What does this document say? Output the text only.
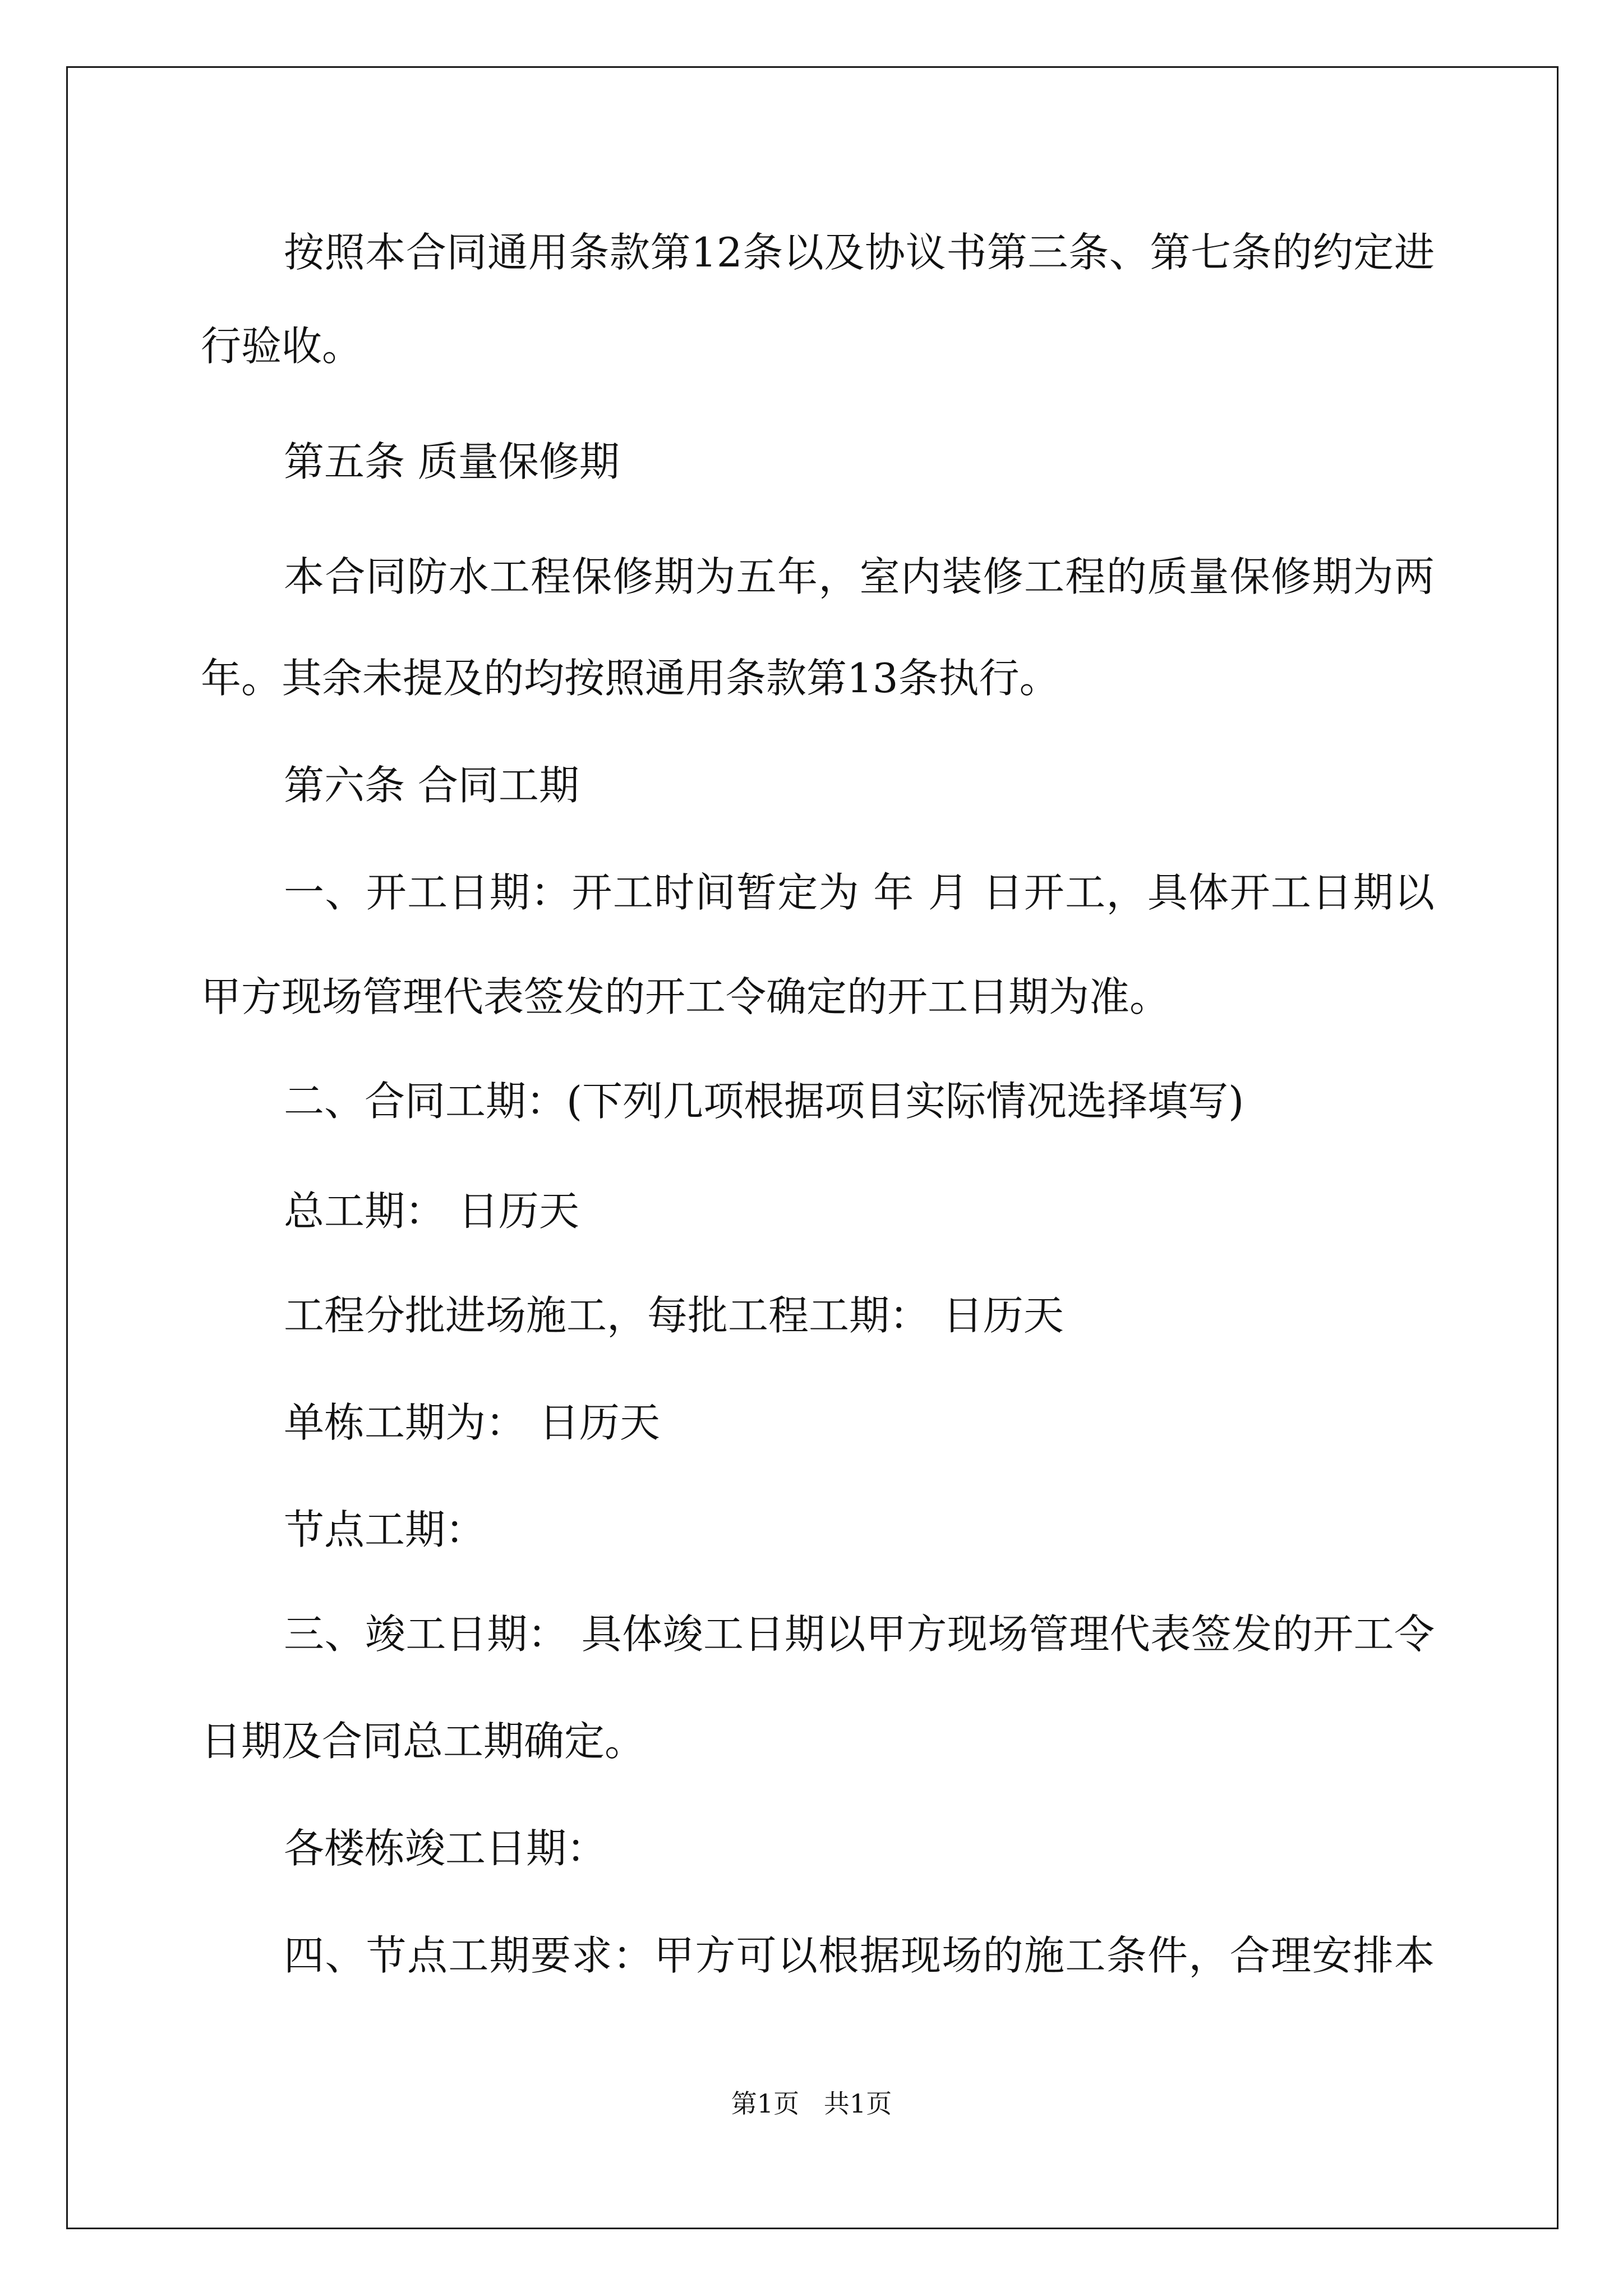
按照本合同通用条款第12条以及协议书第三条、第七条的约定进
行验收。
第五条 质量保修期
本合同防水工程保修期为五年，室内装修工程的质量保修期为两
年。其余未提及的均按照通用条款第13条执行。
第六条 合同工期
一、开工日期：开工时间暂定为 年 月 日开工，具体开工日期以
甲方现场管理代表签发的开工令确定的开工日期为准。
二、合同工期：(下列几项根据项目实际情况选择填写)
总工期： 日历天
工程分批进场施工，每批工程工期： 日历天
单栋工期为： 日历天
节点工期：
三、竣工日期： 具体竣工日期以甲方现场管理代表签发的开工令
日期及合同总工期确定。
各楼栋竣工日期：
四、节点工期要求：甲方可以根据现场的施工条件，合理安排本
第1页   共1页
